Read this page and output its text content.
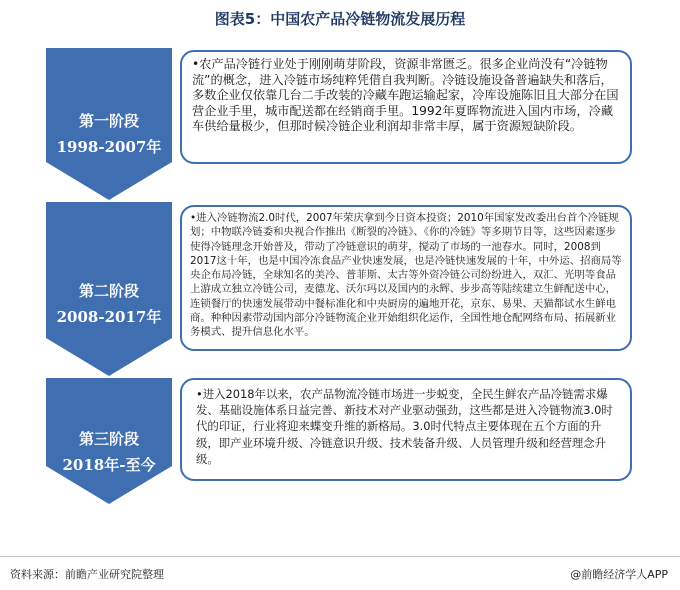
图表5：中国农产品冷链物流发展历程
第一阶段
1998-2007年
第二阶段
2008-2017年
第三阶段
2018年-至今

•农产品冷链行业处于刚刚萌芽阶段，资源非常匮乏。很多企业尚没有“冷链物流”的概念，进入冷链市场纯粹凭借自我判断。冷链设施设备普遍缺失和落后，多数企业仅依靠几台二手改装的冷藏车跑运输起家，冷库设施陈旧且大部分在国营企业手里，城市配送都在经销商手里。1992年夏晖物流进入国内市场，冷藏车供给量极少，但那时候冷链企业利润却非常丰厚，属于资源短缺阶段。

•进入冷链物流2.0时代，2007年荣庆拿到今日资本投资；2010年国家发改委出台首个冷链规划；中物联冷链委和央视合作推出《断裂的冷链》、《你的冷链》等多期节目等，这些因素逐步使得冷链理念开始普及，带动了冷链意识的萌芽，搅动了市场的一池春水。同时，2008到2017这十年，也是中国冷冻食品产业快速发展，也是冷链快速发展的十年，中外运、招商局等央企布局冷链，全球知名的美冷、普菲斯、太古等外资冷链公司纷纷进入，双汇、光明等食品上游成立独立冷链公司，麦德龙、沃尔玛以及国内的永辉、步步高等陆续建立生鲜配送中心，连锁餐厅的快速发展带动中餐标准化和中央厨房的遍地开花，京东、易果、天猫都试水生鲜电商。种种因素带动国内部分冷链物流企业开始组织化运作，全国性地仓配网络布局、拓展新业务模式、提升信息化水平。

•进入2018年以来，农产品物流冷链市场进一步蜕变，全民生鲜农产品冷链需求爆发、基础设施体系日益完善、新技术对产业驱动强劲，这些都是进入冷链物流3.0时代的印证，行业将迎来蝶变升维的新格局。3.0时代特点主要体现在五个方面的升级，即产业环境升级、冷链意识升级、技术装备升级、人员管理升级和经营理念升级。

资料来源：前瞻产业研究院整理	@前瞻经济学人APP
